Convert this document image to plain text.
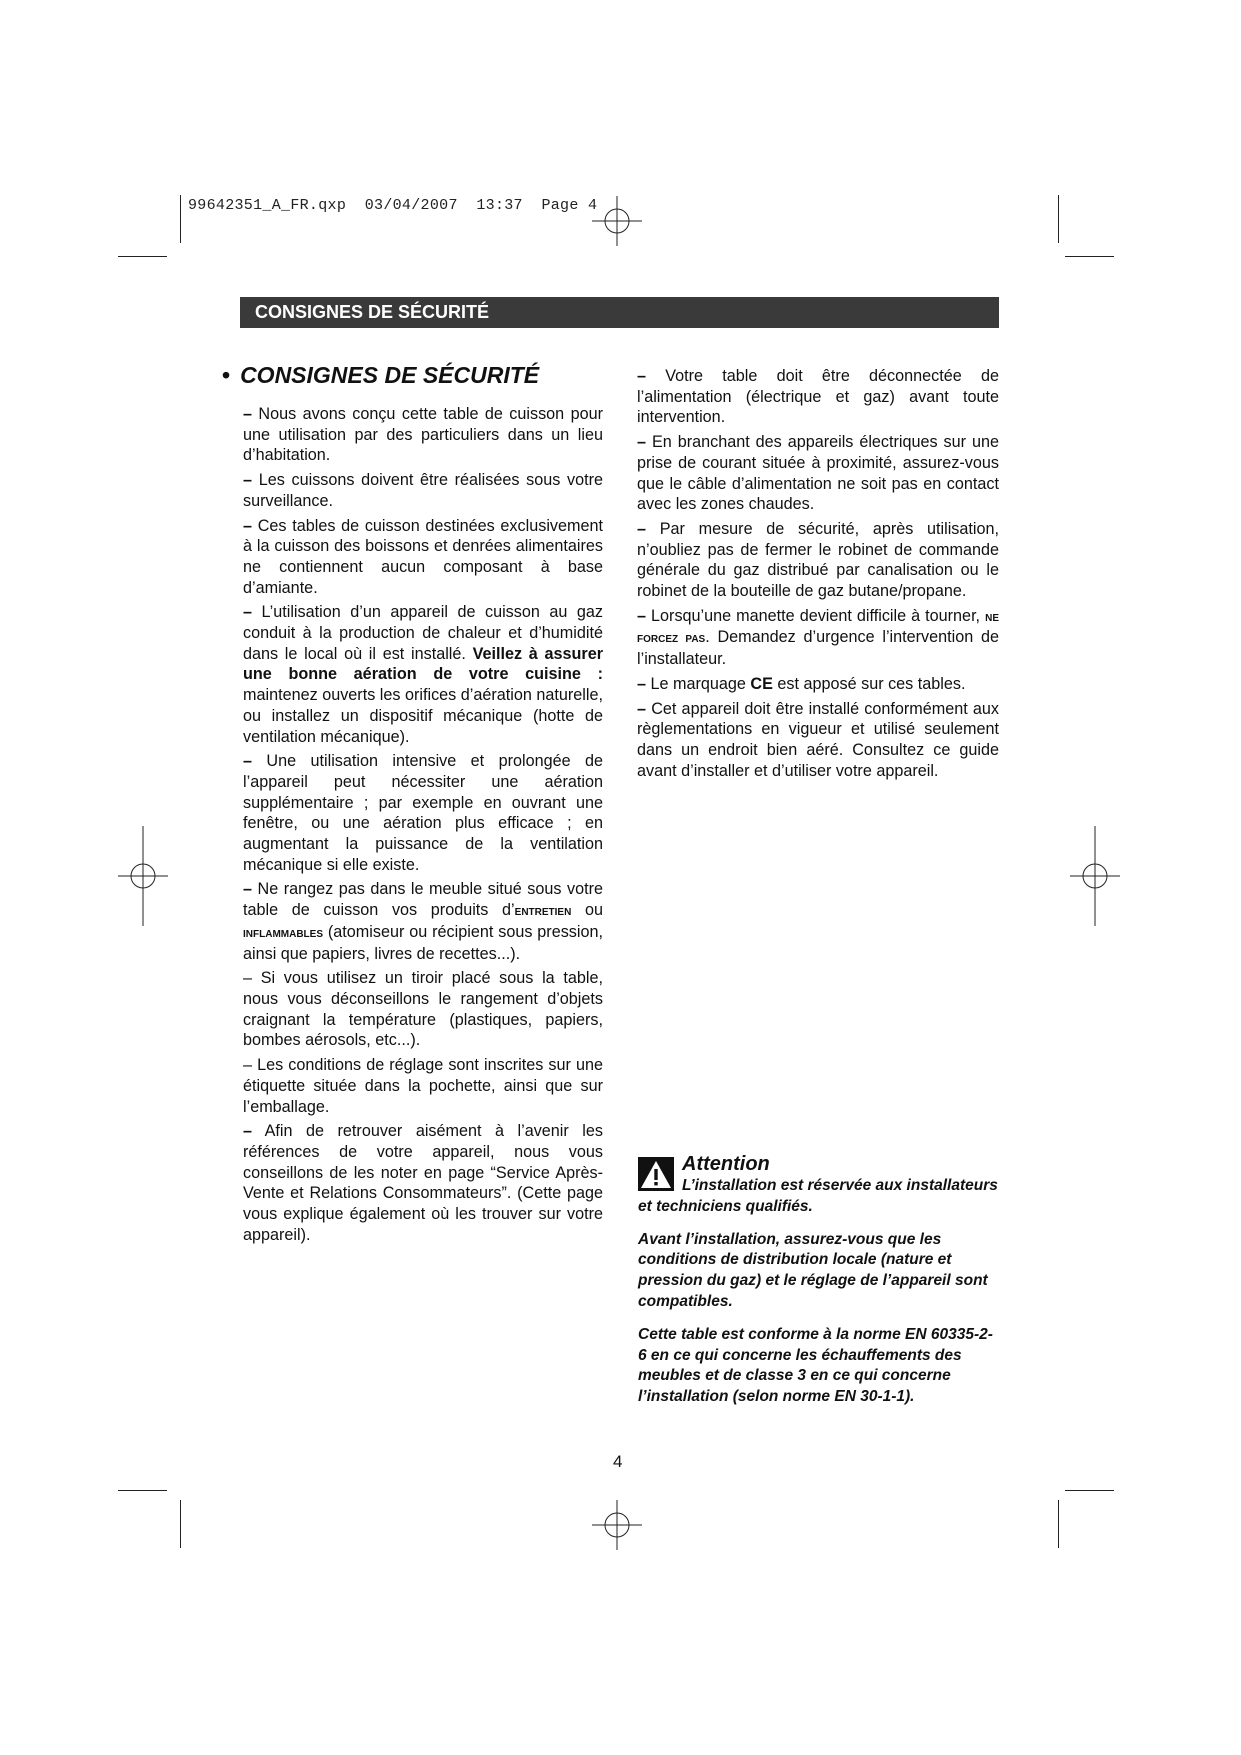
99642351_A_FR.qxp  03/04/2007  13:37  Page 4
CONSIGNES DE SÉCURITÉ
• CONSIGNES DE SÉCURITÉ

– Nous avons conçu cette table de cuisson pour une utilisation par des particuliers dans un lieu d’habitation.

– Les cuissons doivent être réalisées sous votre surveillance.

– Ces tables de cuisson destinées exclusivement à la cuisson des boissons et denrées alimentaires ne contiennent aucun composant à base d’amiante.

– L’utilisation d’un appareil de cuisson au gaz conduit à la production de chaleur et d’humidité dans le local où il est installé. Veillez à assurer une bonne aération de votre cuisine : maintenez ouverts les orifices d’aération naturelle, ou installez un dispositif mécanique (hotte de ventilation mécanique).

– Une utilisation intensive et prolongée de l’appareil peut nécessiter une aération supplémentaire ; par exemple en ouvrant une fenêtre, ou une aération plus efficace ; en augmentant la puissance de la ventilation mécanique si elle existe.

– Ne rangez pas dans le meuble situé sous votre table de cuisson vos produits d’entretien ou inflammables (atomiseur ou récipient sous pression, ainsi que papiers, livres de recettes...).

– Si vous utilisez un tiroir placé sous la table, nous vous déconseillons le rangement d’objets craignant la température (plastiques, papiers, bombes aérosols, etc...).

– Les conditions de réglage sont inscrites sur une étiquette située dans la pochette, ainsi que sur l’emballage.

– Afin de retrouver aisément à l’avenir les références de votre appareil, nous vous conseillons de les noter en page “Service Après-Vente et Relations Consommateurs”. (Cette page vous explique également où les trouver sur votre appareil).

– Votre table doit être déconnectée de l’alimentation (électrique et gaz) avant toute intervention.

– En branchant des appareils électriques sur une prise de courant située à proximité, assurez-vous que le câble d’alimentation ne soit pas en contact avec les zones chaudes.

– Par mesure de sécurité, après utilisation, n’oubliez pas de fermer le robinet de commande générale du gaz distribué par canalisation ou le robinet de la bouteille de gaz butane/propane.

– Lorsqu’une manette devient difficile à tourner, ne forcez pas. Demandez d’urgence l’intervention de l’installateur.

– Le marquage CE est apposé sur ces tables.

– Cet appareil doit être installé conformément aux règlementations en vigueur et utilisé seulement dans un endroit bien aéré. Consultez ce guide avant d’installer et d’utiliser votre appareil.

Attention

L’installation est réservée aux installateurs et techniciens qualifiés.

Avant l’installation, assurez-vous que les conditions de distribution locale (nature et pression du gaz) et le réglage de l’appareil sont compatibles.

Cette table est conforme à la norme EN 60335-2-6 en ce qui concerne les échauffements des meubles et de classe 3 en ce qui concerne l’installation (selon norme EN 30-1-1).

4
